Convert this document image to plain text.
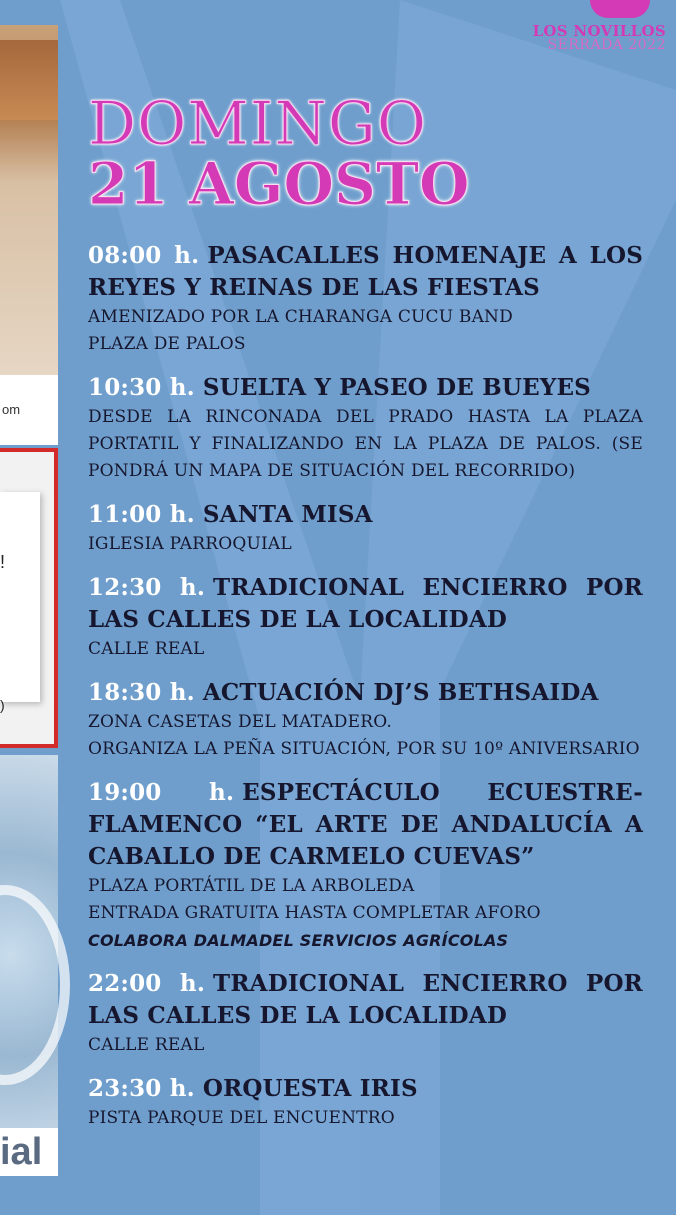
om
!
)
ial
LOS NOVILLOS
SERRADA 2022
DOMINGO
21 AGOSTO
08:00 h. PASACALLES HOMENAJE A LOS REYES Y REINAS DE LAS FIESTAS
AMENIZADO POR LA CHARANGA CUCU BAND
PLAZA DE PALOS
10:30 h. SUELTA Y PASEO DE BUEYES
DESDE LA RINCONADA DEL PRADO HASTA LA PLAZA PORTATIL Y FINALIZANDO EN LA PLAZA DE PALOS. (SE PONDRÁ UN MAPA DE SITUACIÓN DEL RECORRIDO)
11:00 h. SANTA MISA
IGLESIA PARROQUIAL
12:30 h. TRADICIONAL ENCIERRO POR LAS CALLES DE LA LOCALIDAD
CALLE REAL
18:30 h. ACTUACIÓN DJ’S BETHSAIDA
ZONA CASETAS DEL MATADERO.
ORGANIZA LA PEÑA SITUACIÓN, POR SU 10º ANIVERSARIO
19:00 h. ESPECTÁCULO ECUESTRE-FLAMENCO “EL ARTE DE ANDALUCÍA A CABALLO DE CARMELO CUEVAS”
PLAZA PORTÁTIL DE LA ARBOLEDA
ENTRADA GRATUITA HASTA COMPLETAR AFORO
COLABORA DALMADEL SERVICIOS AGRÍCOLAS
22:00 h. TRADICIONAL ENCIERRO POR LAS CALLES DE LA LOCALIDAD
CALLE REAL
23:30 h. ORQUESTA IRIS
PISTA PARQUE DEL ENCUENTRO
